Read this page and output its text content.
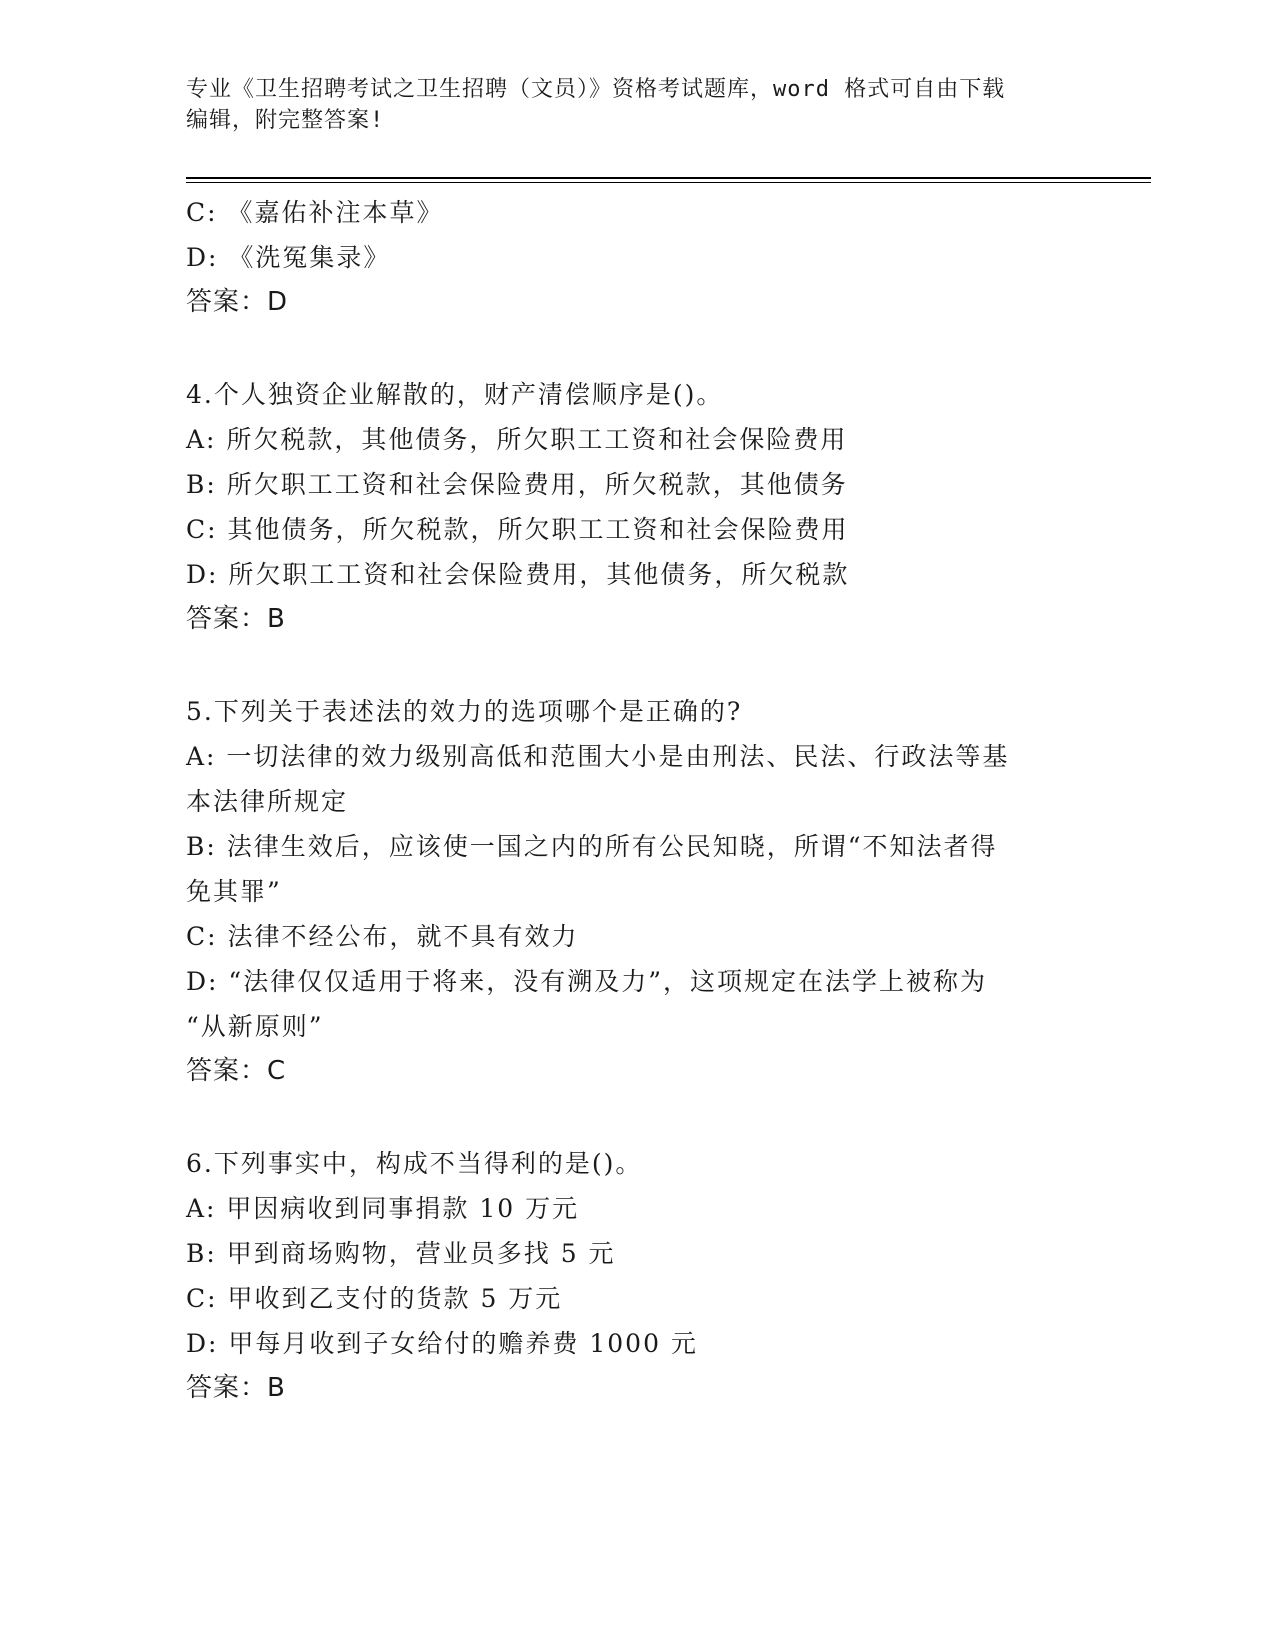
专业《卫生招聘考试之卫生招聘（文员）》资格考试题库，word 格式可自由下载
编辑，附完整答案!
C: 《嘉佑补注本草》
D: 《洗冤集录》
答案：D
4.个人独资企业解散的，财产清偿顺序是()。
A: 所欠税款，其他债务，所欠职工工资和社会保险费用
B: 所欠职工工资和社会保险费用，所欠税款，其他债务
C: 其他债务，所欠税款，所欠职工工资和社会保险费用
D: 所欠职工工资和社会保险费用，其他债务，所欠税款
答案：B
5.下列关于表述法的效力的选项哪个是正确的?
A: 一切法律的效力级别高低和范围大小是由刑法、民法、行政法等基
本法律所规定
B: 法律生效后，应该使一国之内的所有公民知晓，所谓“不知法者得
免其罪”
C: 法律不经公布，就不具有效力
D: “法律仅仅适用于将来，没有溯及力”，这项规定在法学上被称为
“从新原则”
答案：C
6.下列事实中，构成不当得利的是()。
A: 甲因病收到同事捐款 10 万元
B: 甲到商场购物，营业员多找 5 元
C: 甲收到乙支付的货款 5 万元
D: 甲每月收到子女给付的赡养费 1000 元
答案：B
